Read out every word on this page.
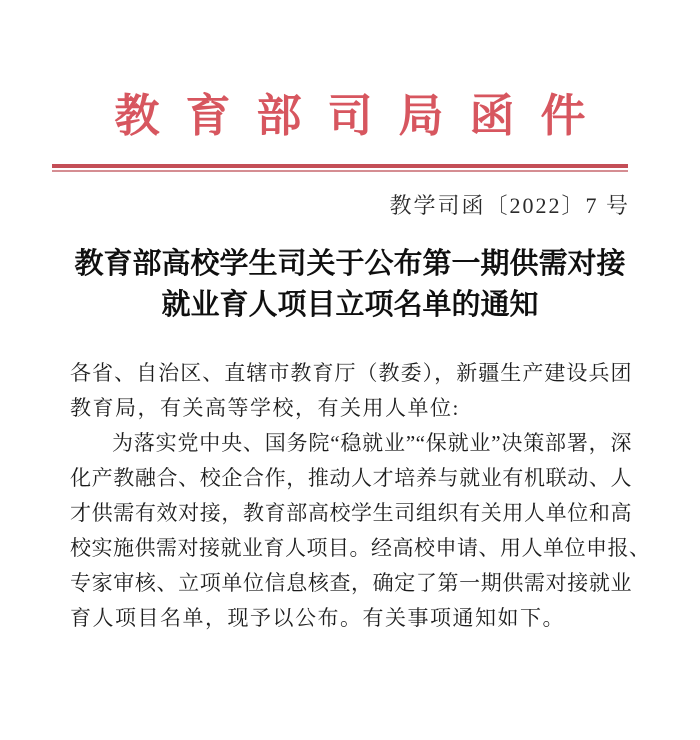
教育部司局函件
教学司函〔2022〕7 号
教育部高校学生司关于公布第一期供需对接
就业育人项目立项名单的通知
各省、自治区、直辖市教育厅（教委），新疆生产建设兵团
教育局，有关高等学校，有关用人单位:
为落实党中央、国务院“稳就业”“保就业”决策部署，深
化产教融合、校企合作，推动人才培养与就业有机联动、人
才供需有效对接，教育部高校学生司组织有关用人单位和高
校实施供需对接就业育人项目。经高校申请、用人单位申报、
专家审核、立项单位信息核查，确定了第一期供需对接就业
育人项目名单，现予以公布。有关事项通知如下。
